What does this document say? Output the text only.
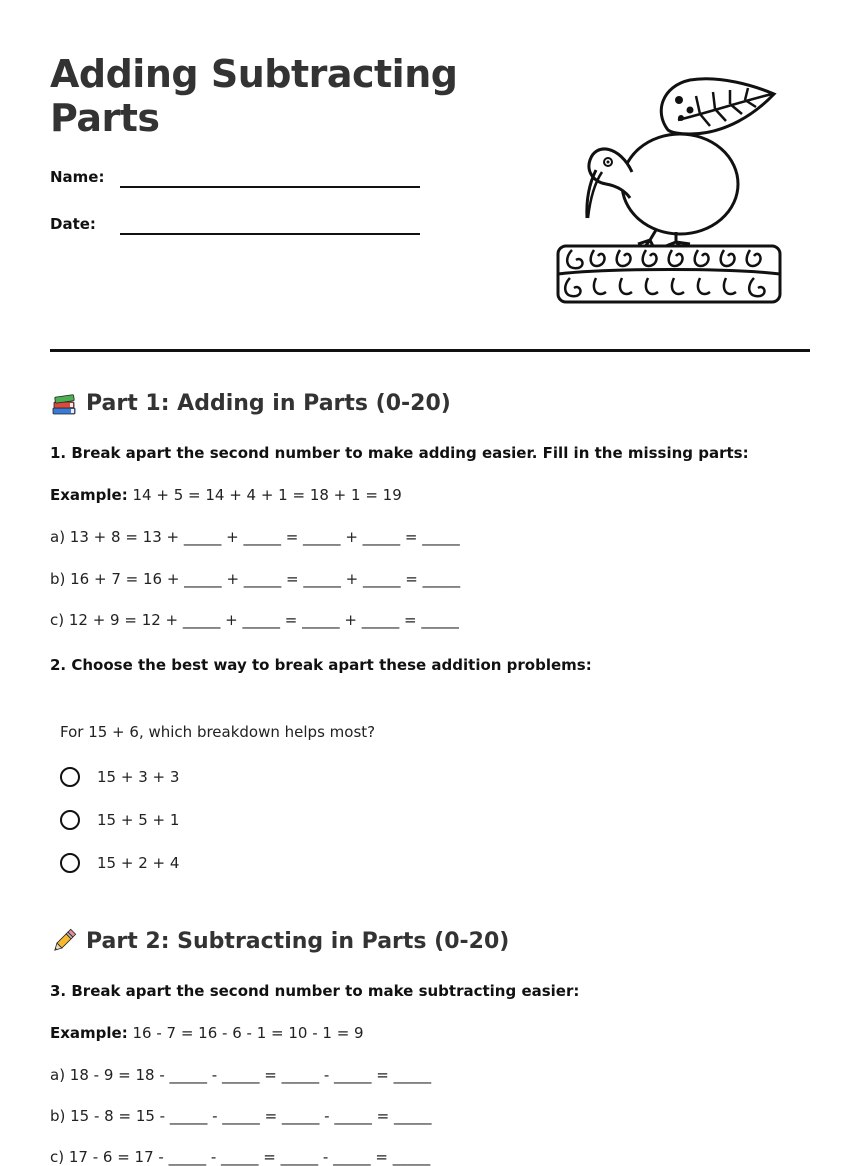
Adding Subtracting Parts
Name:
Date:
Part 1: Adding in Parts (0-20)

1. Break apart the second number to make adding easier. Fill in the missing parts:

Example: 14 + 5 = 14 + 4 + 1 = 18 + 1 = 19

a) 13 + 8 = 13 + _____ + _____ = _____ + _____ = _____

b) 16 + 7 = 16 + _____ + _____ = _____ + _____ = _____

c) 12 + 9 = 12 + _____ + _____ = _____ + _____ = _____

2. Choose the best way to break apart these addition problems:

For 15 + 6, which breakdown helps most?
15 + 3 + 3
15 + 5 + 1
15 + 2 + 4
Part 2: Subtracting in Parts (0-20)

3. Break apart the second number to make subtracting easier:

Example: 16 - 7 = 16 - 6 - 1 = 10 - 1 = 9

a) 18 - 9 = 18 - _____ - _____ = _____ - _____ = _____

b) 15 - 8 = 15 - _____ - _____ = _____ - _____ = _____

c) 17 - 6 = 17 - _____ - _____ = _____ - _____ = _____
